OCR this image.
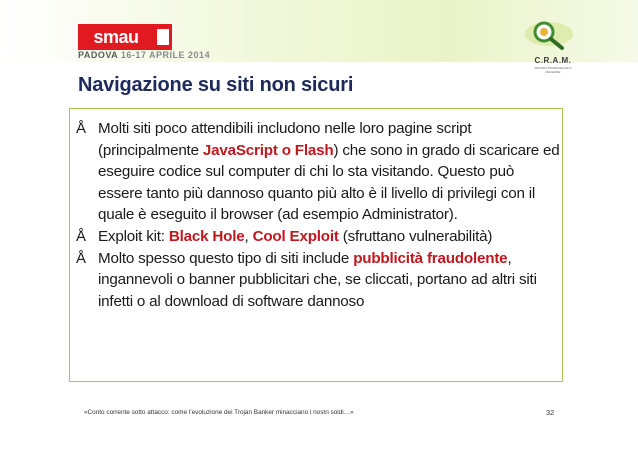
smau
PADOVA 16-17 APRILE 2014
C.R.A.M.
CENTRO RICERCHE ANTI-MALWARE
Navigazione su siti non sicuri
Å Molti siti poco attendibili includono nelle loro pagine script (principalmente JavaScript o Flash) che sono in grado di scaricare ed eseguire codice sul computer di chi lo sta visitando. Questo può essere tanto più dannoso quanto più alto è il livello di privilegi con il quale è eseguito il browser (ad esempio Administrator).
Å Exploit kit: Black Hole, Cool Exploit (sfruttano vulnerabilità)
Å Molto spesso questo tipo di siti include pubblicità fraudolente, ingannevoli o banner pubblicitari che, se cliccati, portano ad altri siti infetti o al download di software dannoso
«Conto corrente sotto attacco: come l’evoluzione dei Trojan Banker minacciano i nostri soldi…»	32
